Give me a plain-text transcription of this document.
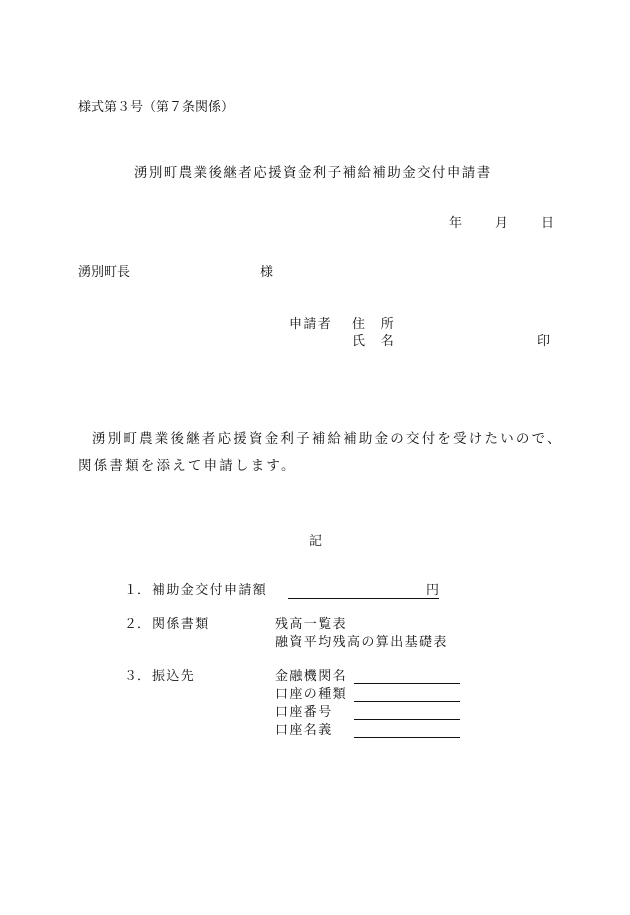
様式第３号（第７条関係）
湧別町農業後継者応援資金利子補給補助金交付申請書
年	月	日
湧別町長	様
申請者 住　所
氏　名	印
湧別町農業後継者応援資金利子補給補助金の交付を受けたいので、
関係書類を添えて申請します。
記
１． 補助金交付申請額	円
２． 関係書類	残高一覧表
融資平均残高の算出基礎表
３． 振込先	金融機関名
口座の種類
口座番号
口座名義
